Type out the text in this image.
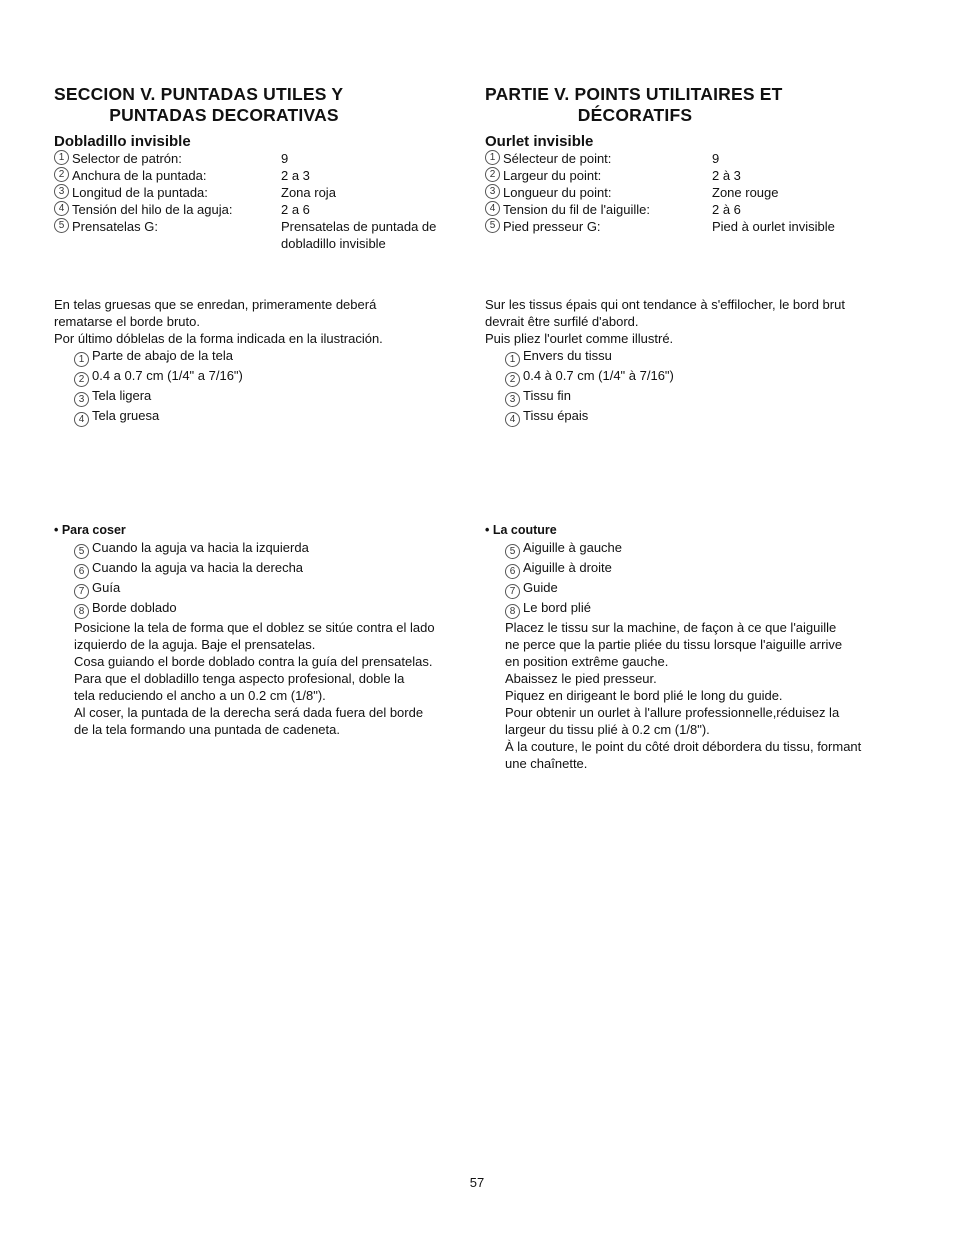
SECCION V. PUNTADAS UTILES Y
PUNTADAS DECORATIVAS
Dobladillo invisible
1 Selector de patrón:	9
2 Anchura de la puntada:	2 a 3
3 Longitud de la puntada:	Zona roja
4 Tensión del hilo de la aguja:	2 a 6
5 Prensatelas G:	Prensatelas de puntada de dobladillo invisible
En telas gruesas que se enredan, primeramente deberá
rematarse el borde bruto.
Por último dóblelas de la forma indicada en la ilustración.
1 Parte de abajo de la tela
2 0.4 a 0.7 cm (1/4" a 7/16")
3 Tela ligera
4 Tela gruesa
• Para coser
5 Cuando la aguja va hacia la izquierda
6 Cuando la aguja va hacia la derecha
7 Guía
8 Borde doblado
Posicione la tela de forma que el doblez se sitúe contra el lado
izquierdo de la aguja. Baje el prensatelas.
Cosa guiando el borde doblado contra la guía del prensatelas.
Para que el dobladillo tenga aspecto profesional, doble la
tela reduciendo el ancho a un 0.2 cm (1/8").
Al coser, la puntada de la derecha será dada fuera del borde
de la tela formando una puntada de cadeneta.
PARTIE V. POINTS UTILITAIRES ET
DÉCORATIFS
Ourlet invisible
1 Sélecteur de point:	9
2 Largeur du point:	2 à 3
3 Longueur du point:	Zone rouge
4 Tension du fil de l'aiguille:	2 à 6
5 Pied presseur G:	Pied à ourlet invisible
Sur les tissus épais qui ont tendance à s'effilocher, le bord brut
devrait être surfilé d'abord.
Puis pliez l'ourlet comme illustré.
1 Envers du tissu
2 0.4 à 0.7 cm (1/4" à 7/16")
3 Tissu fin
4 Tissu épais
• La couture
5 Aiguille à gauche
6 Aiguille à droite
7 Guide
8 Le bord plié
Placez le tissu sur la machine, de façon à ce que l'aiguille
ne perce que la partie pliée du tissu lorsque l'aiguille arrive
en position extrême gauche.
Abaissez le pied presseur.
Piquez en dirigeant le bord plié le long du guide.
Pour obtenir un ourlet à l'allure professionnelle,réduisez la
largeur du tissu plié à 0.2 cm (1/8").
À la couture, le point du côté droit débordera du tissu, formant
une chaînette.
57
